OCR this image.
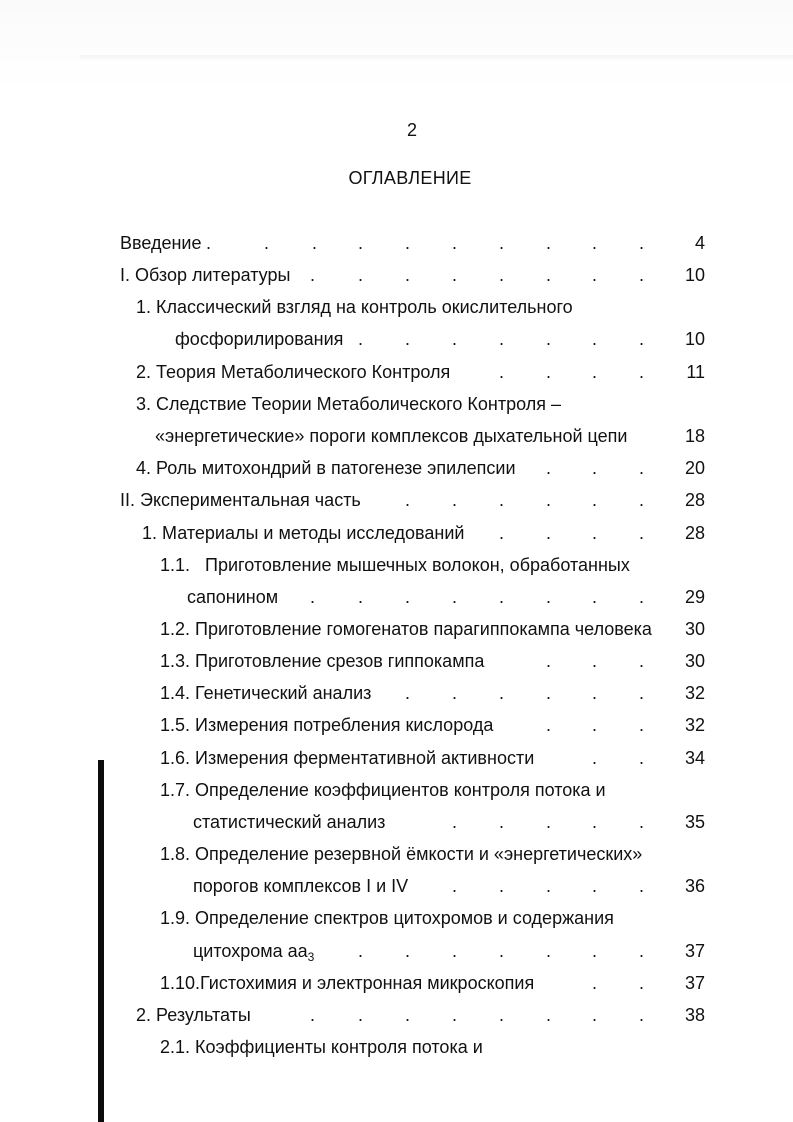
2
ОГЛАВЛЕНИЕ
Введение .	. . . . . . . . .	4
I. Обзор литературы . . . . . . . .	10
1. Классический взгляд на контроль окислительного
фосфорилирования . . . . . . .	10
2. Теория Метаболического Контроля	. . . .	11
3. Следствие Теории Метаболического Контроля –
«энергетические» пороги комплексов дыхательной цепи	18
4. Роль митохондрий в патогенезе эпилепсии . . .	20
II. Экспериментальная часть . . . . . .	28
1. Материалы и методы исследований . . . .	28
1.1.   Приготовление мышечных волокон, обработанных
сапонином . . . . . . . .	29
1.2. Приготовление гомогенатов парагиппокампа человека	30
1.3. Приготовление срезов гиппокампа	. . .	30
1.4. Генетический анализ . . . . . .	32
1.5. Измерения потребления кислорода	. . .	32
1.6. Измерения ферментативной активности	. .	34
1.7. Определение коэффициентов контроля потока и
статистический анализ	. . . . .	35
1.8. Определение резервной ёмкости и «энергетических»
порогов комплексов I и IV . . . . .	36
1.9. Определение спектров цитохромов и содержания
цитохрома $aa_3$ . . . . . . .	37
1.10.Гистохимия и электронная микроскопия	. .	37
2. Результаты	. . . . . . . .	38
2.1. Коэффициенты контроля потока и
